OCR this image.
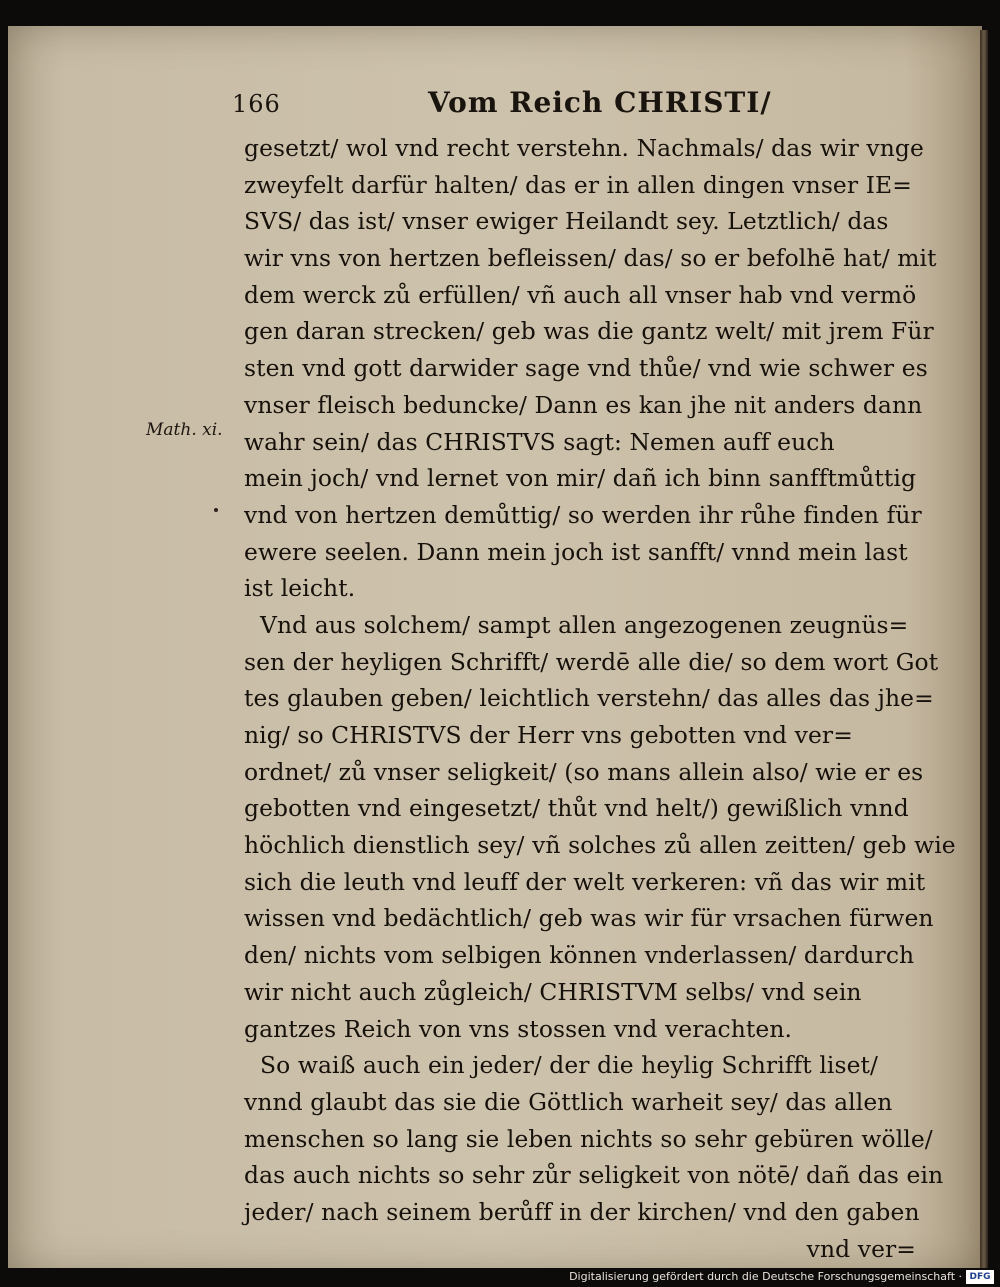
166	Vom Reich CHRISTI/
Math. xi.
gesetzt/ wol vnd recht verstehn. Nachmals/ das wir vnge
zweyfelt darfür halten/ das er in allen dingen vnser IE=
SVS/ das ist/ vnser ewiger Heilandt sey. Letztlich/ das
wir vns von hertzen befleissen/ das/ so er befolhē hat/ mit
dem werck zů erfüllen/ vñ auch all vnser hab vnd vermö
gen daran strecken/ geb was die gantz welt/ mit jrem Für
sten vnd gott darwider sage vnd thůe/ vnd wie schwer es
vnser fleisch beduncke/ Dann es kan jhe nit anders dann
wahr sein/ das CHRISTVS sagt: Nemen auff euch
mein joch/ vnd lernet von mir/ dañ ich binn sanfftmůttig
vnd von hertzen demůttig/ so werden ihr růhe finden für
ewere seelen. Dann mein joch ist sanfft/ vnnd mein last
ist leicht.
Vnd aus solchem/ sampt allen angezogenen zeugnüs=
sen der heyligen Schrifft/ werdē alle die/ so dem wort Got
tes glauben geben/ leichtlich verstehn/ das alles das jhe=
nig/ so CHRISTVS der Herr vns gebotten vnd ver=
ordnet/ zů vnser seligkeit/ (so mans allein also/ wie er es
gebotten vnd eingesetzt/ thůt vnd helt/) gewißlich vnnd
höchlich dienstlich sey/ vñ solches zů allen zeitten/ geb wie
sich die leuth vnd leuff der welt verkeren: vñ das wir mit
wissen vnd bedächtlich/ geb was wir für vrsachen fürwen
den/ nichts vom selbigen können vnderlassen/ dardurch
wir nicht auch zůgleich/ CHRISTVM selbs/ vnd sein
gantzes Reich von vns stossen vnd verachten.
So waiß auch ein jeder/ der die heylig Schrifft liset/
vnnd glaubt das sie die Göttlich warheit sey/ das allen
menschen so lang sie leben nichts so sehr gebüren wölle/
das auch nichts so sehr zůr seligkeit von nötē/ dañ das ein
jeder/ nach seinem berůff in der kirchen/ vnd den gaben
vnd ver=
Digitalisierung gefördert durch die Deutsche Forschungsgemeinschaft · DFG
